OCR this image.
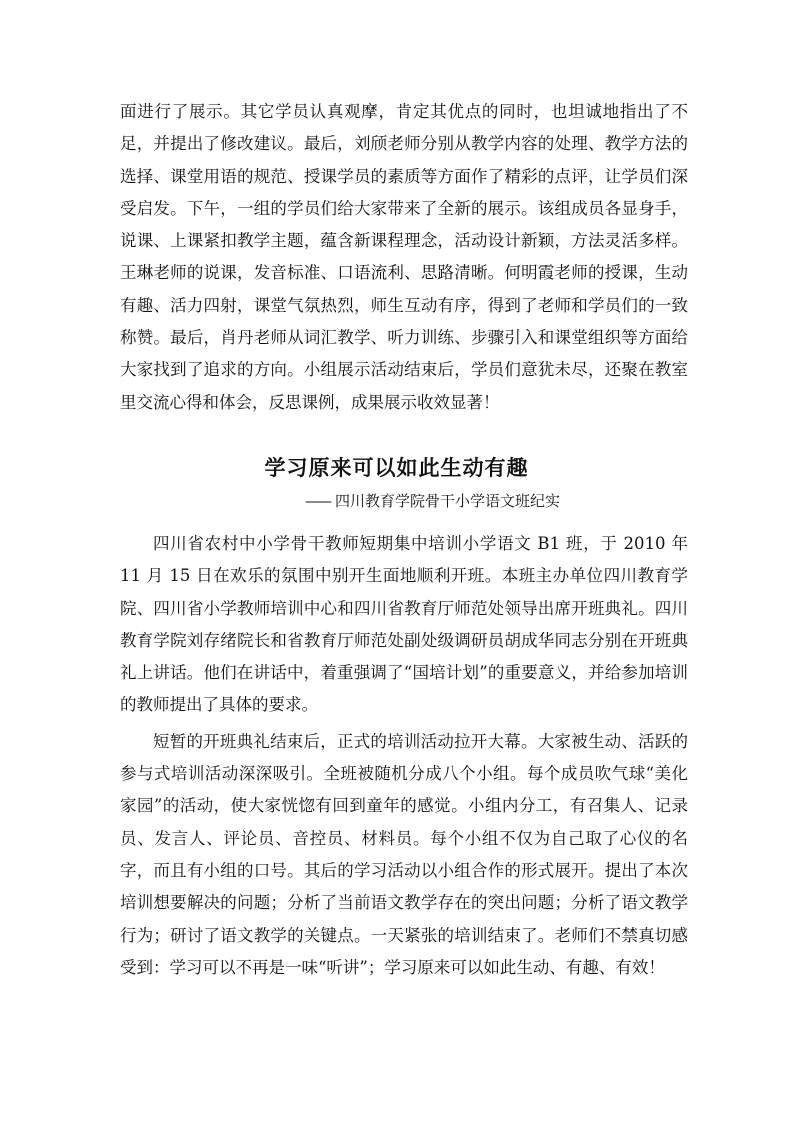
面进行了展示。其它学员认真观摩，肯定其优点的同时，也坦诚地指出了不足，并提出了修改建议。最后，刘颀老师分别从教学内容的处理、教学方法的选择、课堂用语的规范、授课学员的素质等方面作了精彩的点评，让学员们深受启发。下午，一组的学员们给大家带来了全新的展示。该组成员各显身手，说课、上课紧扣教学主题，蕴含新课程理念，活动设计新颖，方法灵活多样。王琳老师的说课，发音标准、口语流利、思路清晰。何明霞老师的授课，生动有趣、活力四射，课堂气氛热烈，师生互动有序，得到了老师和学员们的一致称赞。最后，肖丹老师从词汇教学、听力训练、步骤引入和课堂组织等方面给大家找到了追求的方向。小组展示活动结束后，学员们意犹未尽，还聚在教室里交流心得和体会，反思课例，成果展示收效显著！

学习原来可以如此生动有趣
—— 四川教育学院骨干小学语文班纪实

四川省农村中小学骨干教师短期集中培训小学语文 B1 班，于 2010 年 11 月 15 日在欢乐的氛围中别开生面地顺利开班。本班主办单位四川教育学院、四川省小学教师培训中心和四川省教育厅师范处领导出席开班典礼。四川教育学院刘存绪院长和省教育厅师范处副处级调研员胡成华同志分别在开班典礼上讲话。他们在讲话中，着重强调了“国培计划”的重要意义，并给参加培训的教师提出了具体的要求。

短暂的开班典礼结束后，正式的培训活动拉开大幕。大家被生动、活跃的参与式培训活动深深吸引。全班被随机分成八个小组。每个成员吹气球“美化家园”的活动，使大家恍惚有回到童年的感觉。小组内分工，有召集人、记录员、发言人、评论员、音控员、材料员。每个小组不仅为自己取了心仪的名字，而且有小组的口号。其后的学习活动以小组合作的形式展开。提出了本次培训想要解决的问题；分析了当前语文教学存在的突出问题；分析了语文教学行为；研讨了语文教学的关键点。一天紧张的培训结束了。老师们不禁真切感受到：学习可以不再是一味“听讲”；学习原来可以如此生动、有趣、有效！
